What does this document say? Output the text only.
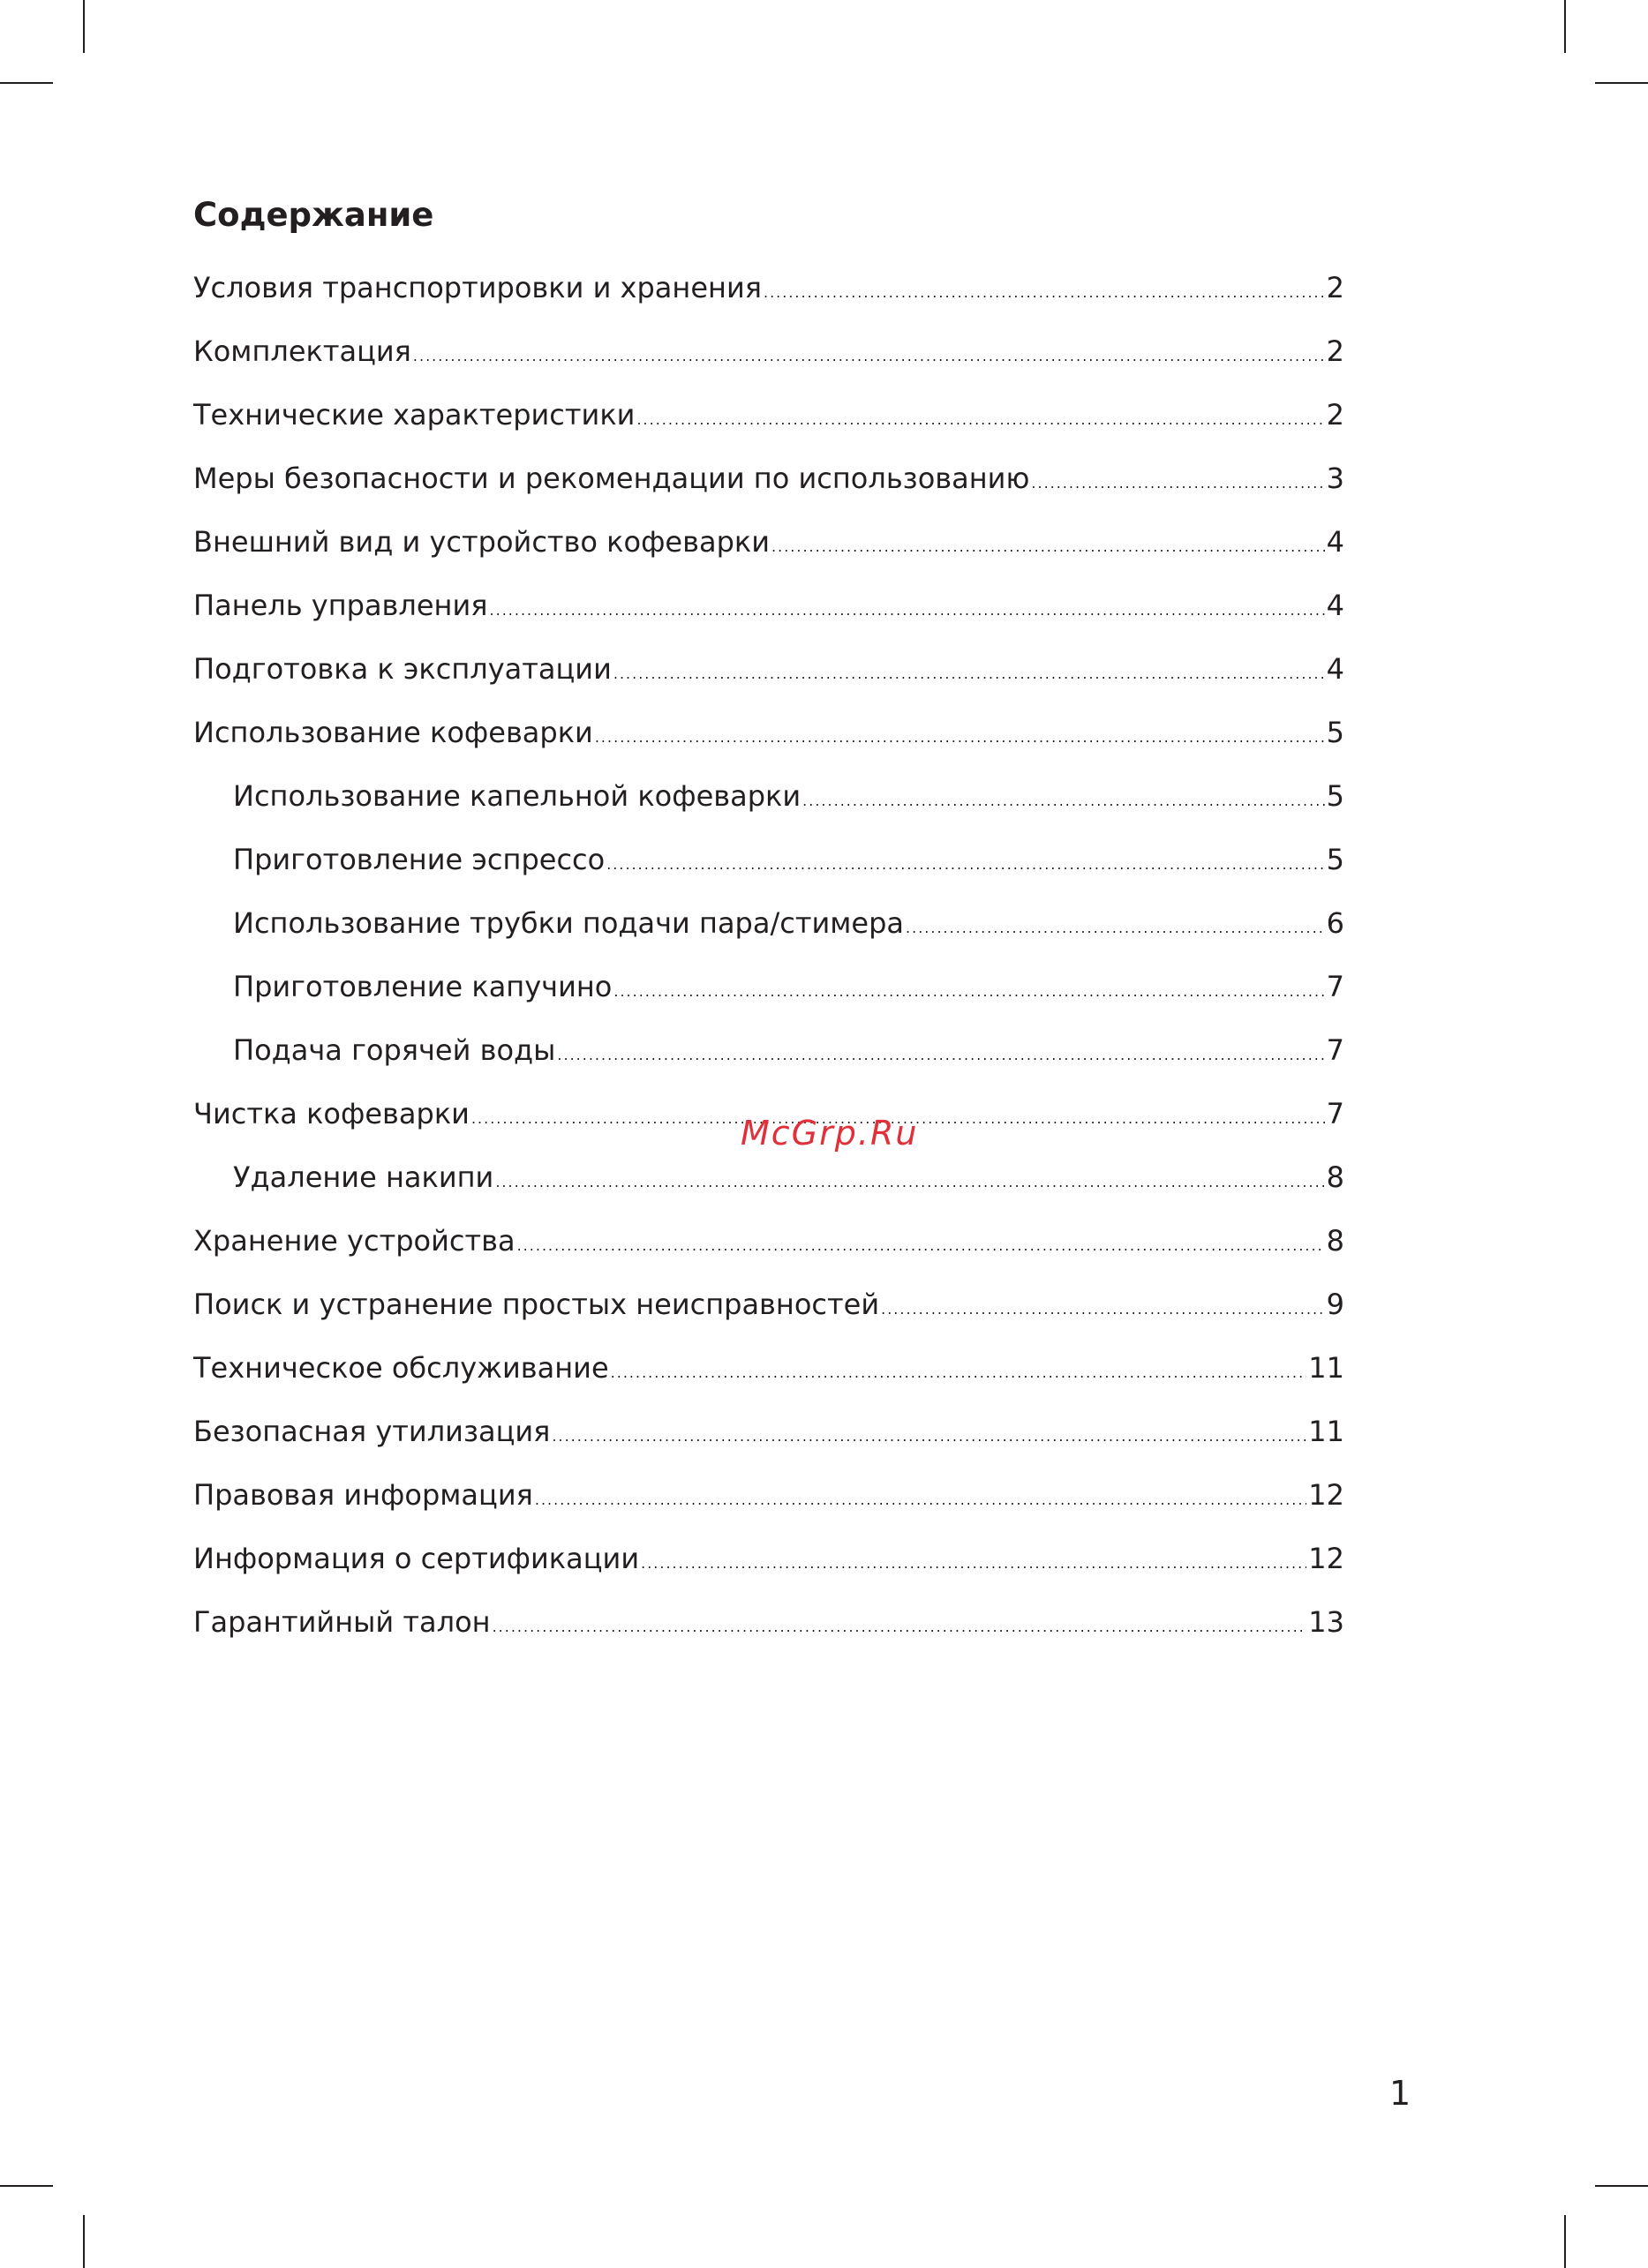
Содержание
Условия транспортировки и хранения .....	2
Комплектация .....	2
Технические характеристики .....	2
Меры безопасности и рекомендации по использованию .....	3
Внешний вид и устройство кофеварки .....	4
Панель управления .....	4
Подготовка к эксплуатации .....	4
Использование кофеварки .....	5
Использование капельной кофеварки .....	5
Приготовление эспрессо .....	5
Использование трубки подачи пара/стимера .....	6
Приготовление капучино .....	7
Подача горячей воды .....	7
Чистка кофеварки .....	7
Удаление накипи .....	8
Хранение устройства .....	8
Поиск и устранение простых неисправностей .....	9
Техническое обслуживание .....	11
Безопасная утилизация .....	11
Правовая информация .....	12
Информация о сертификации .....	12
Гарантийный талон .....	13
McGrp.Ru
1
